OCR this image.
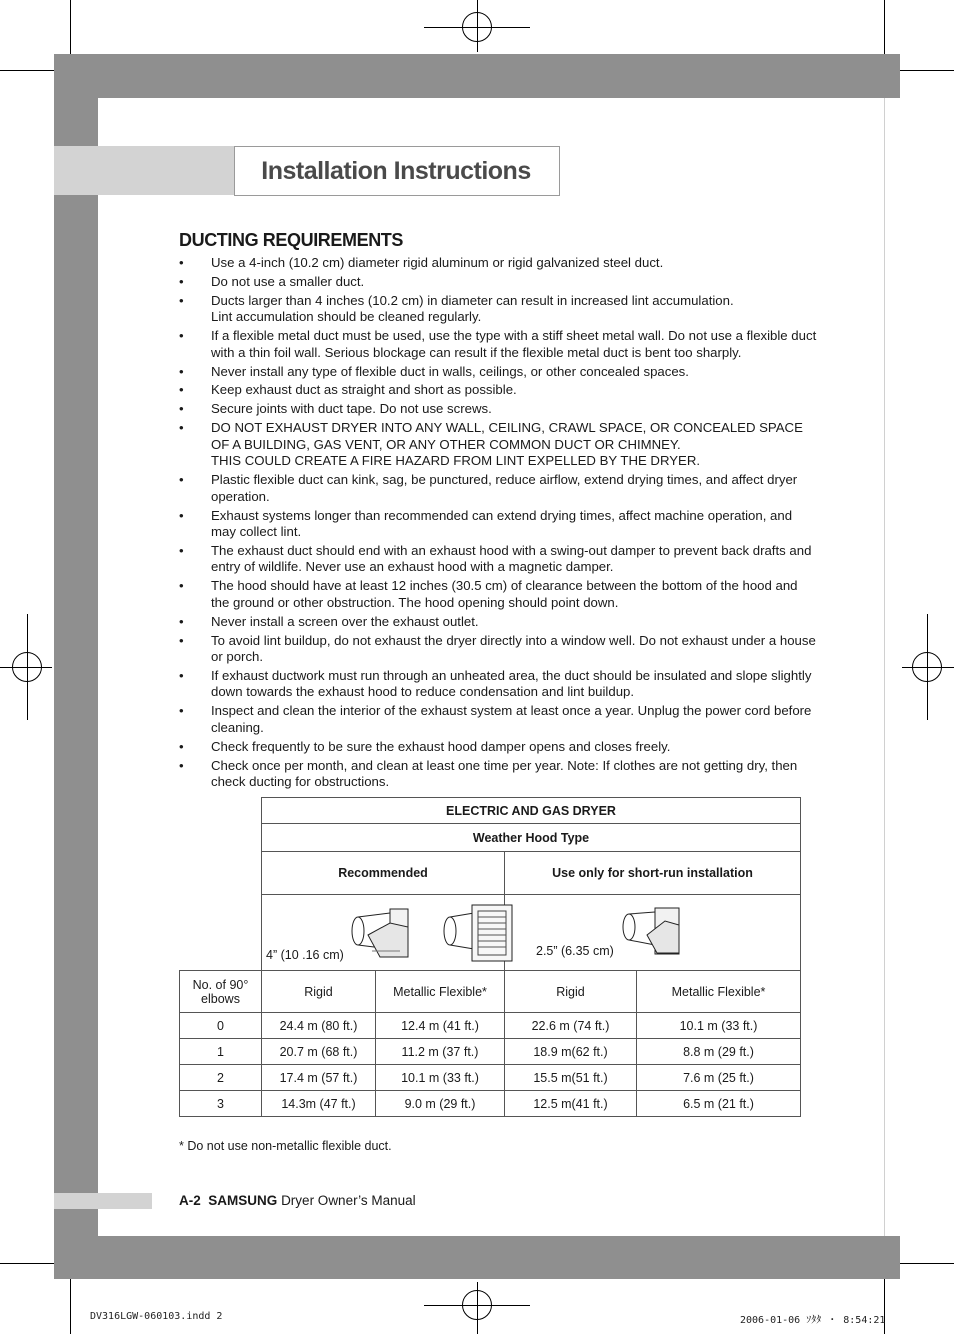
Installation Instructions
DUCTING REQUIREMENTS
• Use a 4-inch (10.2 cm) diameter rigid aluminum or rigid galvanized steel duct.
• Do not use a smaller duct.
• Ducts larger than 4 inches (10.2 cm) in diameter can result in increased lint accumulation.
Lint accumulation should be cleaned regularly.
• If a flexible metal duct must be used, use the type with a stiff sheet metal wall. Do not use a flexible duct with a thin foil wall. Serious blockage can result if the flexible metal duct is bent too sharply.
• Never install any type of flexible duct in walls, ceilings, or other concealed spaces.
• Keep exhaust duct as straight and short as possible.
• Secure joints with duct tape. Do not use screws.
• DO NOT EXHAUST DRYER INTO ANY WALL, CEILING, CRAWL SPACE, OR CONCEALED SPACE OF A BUILDING, GAS VENT, OR ANY OTHER COMMON DUCT OR CHIMNEY.
THIS COULD CREATE A FIRE HAZARD FROM LINT EXPELLED BY THE DRYER.
• Plastic flexible duct can kink, sag, be punctured, reduce airflow, extend drying times, and affect dryer operation.
• Exhaust systems longer than recommended can extend drying times, affect machine operation, and may collect lint.
• The exhaust duct should end with an exhaust hood with a swing-out damper to prevent back drafts and entry of wildlife. Never use an exhaust hood with a magnetic damper.
• The hood should have at least 12 inches (30.5 cm) of clearance between the bottom of the hood and the ground or other obstruction. The hood opening should point down.
• Never install a screen over the exhaust outlet.
• To avoid lint buildup, do not exhaust the dryer directly into a window well. Do not exhaust under a house or porch.
• If exhaust ductwork must run through an unheated area, the duct should be insulated and slope slightly down towards the exhaust hood to reduce condensation and lint buildup.
• Inspect and clean the interior of the exhaust system at least once a year. Unplug the power cord before cleaning.
• Check frequently to be sure the exhaust hood damper opens and closes freely.
• Check once per month, and clean at least one time per year. Note: If clothes are not getting dry, then check ducting for obstructions.
	ELECTRIC AND GAS DRYER			
	Weather Hood Type			
	Recommended		Use only for short-run installation	

	4” (10 .16 cm)		2.5” (6.35 cm)	

No. of 90° elbows	Rigid	Metallic Flexible*	Rigid	Metallic Flexible*
0	24.4 m (80 ft.)	12.4 m (41 ft.)	22.6 m (74 ft.)	10.1 m (33 ft.)
1	20.7 m (68 ft.)	11.2 m (37 ft.)	18.9 m(62 ft.)	8.8 m (29 ft.)
2	17.4 m (57 ft.)	10.1 m (33 ft.)	15.5 m(51 ft.)	7.6 m (25 ft.)
3	14.3m (47 ft.)	9.0 m (29 ft.)	12.5 m(41 ft.)	6.5 m (21 ft.)
* Do not use non-metallic flexible duct.
A-2 SAMSUNG Dryer Owner’s Manual
DV316LGW-060103.indd 2	2006-01-06 ｿﾀﾀ ・ 8:54:21
